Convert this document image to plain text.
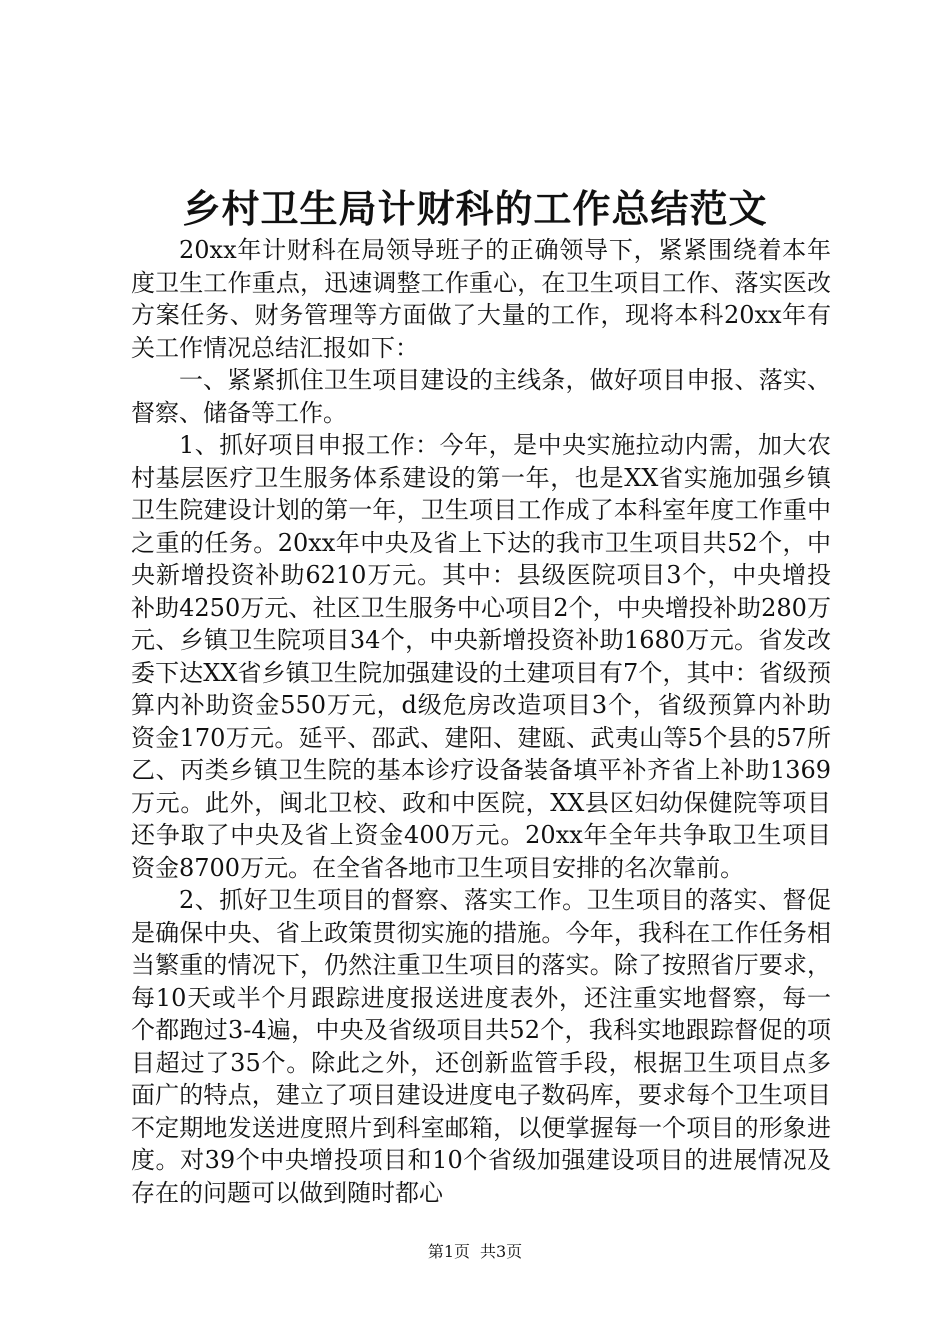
乡村卫生局计财科的工作总结范文

20xx年计财科在局领导班子的正确领导下，紧紧围绕着本年度卫生工作重点，迅速调整工作重心，在卫生项目工作、落实医改方案任务、财务管理等方面做了大量的工作，现将本科20xx年有关工作情况总结汇报如下：

一、紧紧抓住卫生项目建设的主线条，做好项目申报、落实、督察、储备等工作。

1、抓好项目申报工作：今年，是中央实施拉动内需，加大农村基层医疗卫生服务体系建设的第一年，也是XX省实施加强乡镇卫生院建设计划的第一年，卫生项目工作成了本科室年度工作重中之重的任务。20xx年中央及省上下达的我市卫生项目共52个，中央新增投资补助6210万元。其中：县级医院项目3个，中央增投补助4250万元、社区卫生服务中心项目2个，中央增投补助280万元、乡镇卫生院项目34个，中央新增投资补助1680万元。省发改委下达XX省乡镇卫生院加强建设的土建项目有7个，其中：省级预算内补助资金550万元，d级危房改造项目3个，省级预算内补助资金170万元。延平、邵武、建阳、建瓯、武夷山等5个县的57所乙、丙类乡镇卫生院的基本诊疗设备装备填平补齐省上补助1369万元。此外，闽北卫校、政和中医院，XX县区妇幼保健院等项目还争取了中央及省上资金400万元。20xx年全年共争取卫生项目资金8700万元。在全省各地市卫生项目安排的名次靠前。

2、抓好卫生项目的督察、落实工作。卫生项目的落实、督促是确保中央、省上政策贯彻实施的措施。今年，我科在工作任务相当繁重的情况下，仍然注重卫生项目的落实。除了按照省厅要求，每10天或半个月跟踪进度报送进度表外，还注重实地督察，每一个都跑过3-4遍，中央及省级项目共52个，我科实地跟踪督促的项目超过了35个。除此之外，还创新监管手段，根据卫生项目点多面广的特点，建立了项目建设进度电子数码库，要求每个卫生项目不定期地发送进度照片到科室邮箱，以便掌握每一个项目的形象进度。对39个中央增投项目和10个省级加强建设项目的进展情况及存在的问题可以做到随时都心

第1页 共3页
